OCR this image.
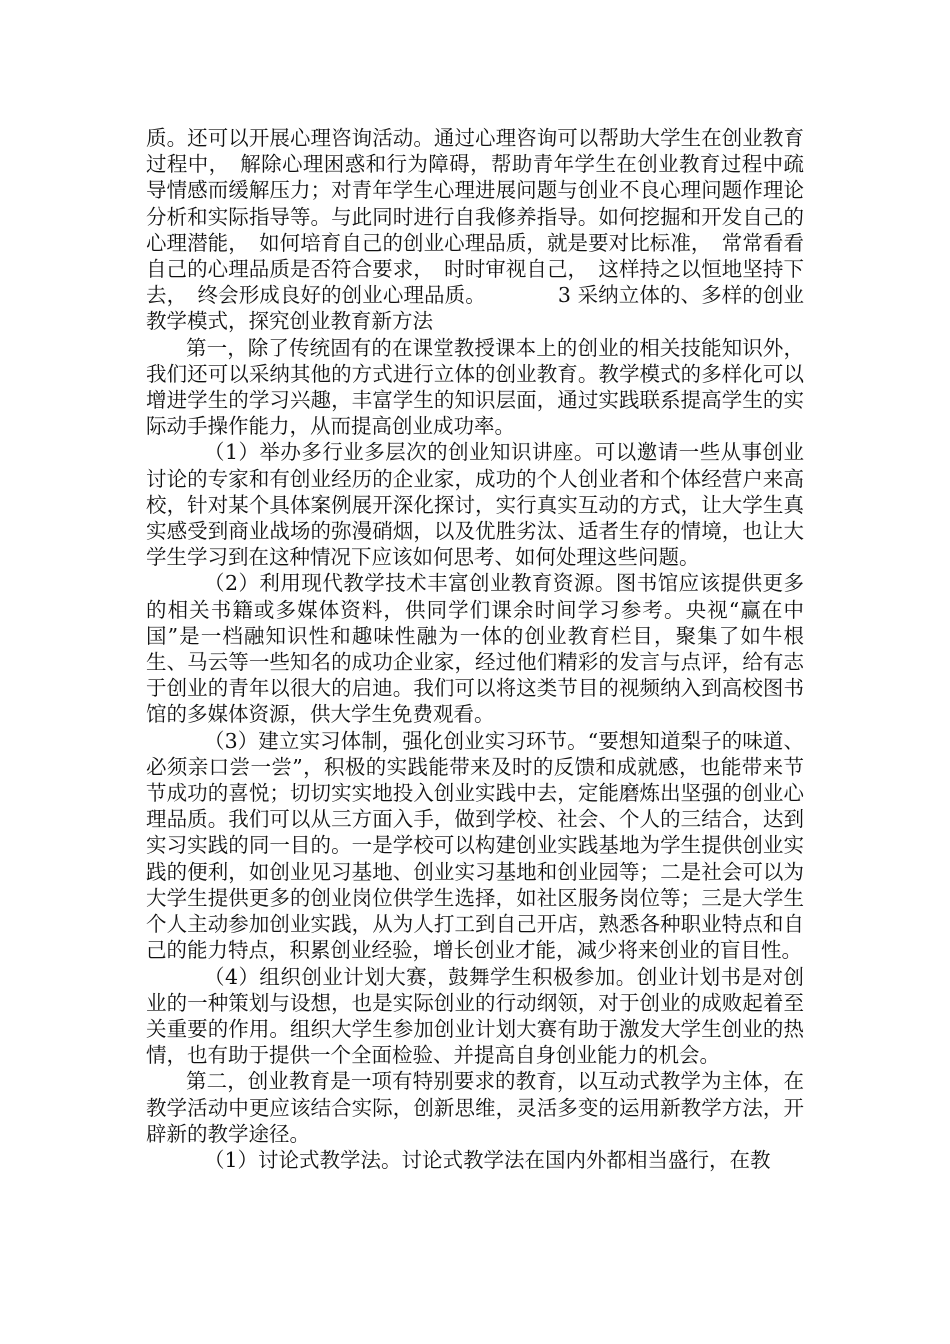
质。还可以开展心理咨询活动。通过心理咨询可以帮助大学生在创业教育过程中，　解除心理困惑和行为障碍，帮助青年学生在创业教育过程中疏导情感而缓解压力；对青年学生心理进展问题与创业不良心理问题作理论分析和实际指导等。与此同时进行自我修养指导。如何挖掘和开发自己的心理潜能，　如何培育自己的创业心理品质，就是要对比标准，　常常看看自己的心理品质是否符合要求，　时时审视自己，　这样持之以恒地坚持下去，　终会形成良好的创业心理品质。　　　　3 采纳立体的、多样的创业教学模式，探究创业教育新方法

第一，除了传统固有的在课堂教授课本上的创业的相关技能知识外，我们还可以采纳其他的方式进行立体的创业教育。教学模式的多样化可以增进学生的学习兴趣，丰富学生的知识层面，通过实践联系提高学生的实际动手操作能力，从而提高创业成功率。

（1）举办多行业多层次的创业知识讲座。可以邀请一些从事创业讨论的专家和有创业经历的企业家，成功的个人创业者和个体经营户来高校，针对某个具体案例展开深化探讨，实行真实互动的方式，让大学生真实感受到商业战场的弥漫硝烟，以及优胜劣汰、适者生存的情境，也让大学生学习到在这种情况下应该如何思考、如何处理这些问题。

（2）利用现代教学技术丰富创业教育资源。图书馆应该提供更多的相关书籍或多媒体资料，供同学们课余时间学习参考。央视“赢在中国”是一档融知识性和趣味性融为一体的创业教育栏目，聚集了如牛根生、马云等一些知名的成功企业家，经过他们精彩的发言与点评，给有志于创业的青年以很大的启迪。我们可以将这类节目的视频纳入到高校图书馆的多媒体资源，供大学生免费观看。

（3）建立实习体制，强化创业实习环节。“要想知道梨子的味道、必须亲口尝一尝”，积极的实践能带来及时的反馈和成就感，也能带来节节成功的喜悦；切切实实地投入创业实践中去，定能磨炼出坚强的创业心理品质。我们可以从三方面入手，做到学校、社会、个人的三结合，达到实习实践的同一目的。一是学校可以构建创业实践基地为学生提供创业实践的便利，如创业见习基地、创业实习基地和创业园等；二是社会可以为大学生提供更多的创业岗位供学生选择，如社区服务岗位等；三是大学生个人主动参加创业实践，从为人打工到自己开店，熟悉各种职业特点和自己的能力特点，积累创业经验，增长创业才能，减少将来创业的盲目性。

（4）组织创业计划大赛，鼓舞学生积极参加。创业计划书是对创业的一种策划与设想，也是实际创业的行动纲领，对于创业的成败起着至关重要的作用。组织大学生参加创业计划大赛有助于激发大学生创业的热情，也有助于提供一个全面检验、并提高自身创业能力的机会。

第二，创业教育是一项有特别要求的教育，以互动式教学为主体，在教学活动中更应该结合实际，创新思维，灵活多变的运用新教学方法，开辟新的教学途径。

（1）讨论式教学法。讨论式教学法在国内外都相当盛行，在教
